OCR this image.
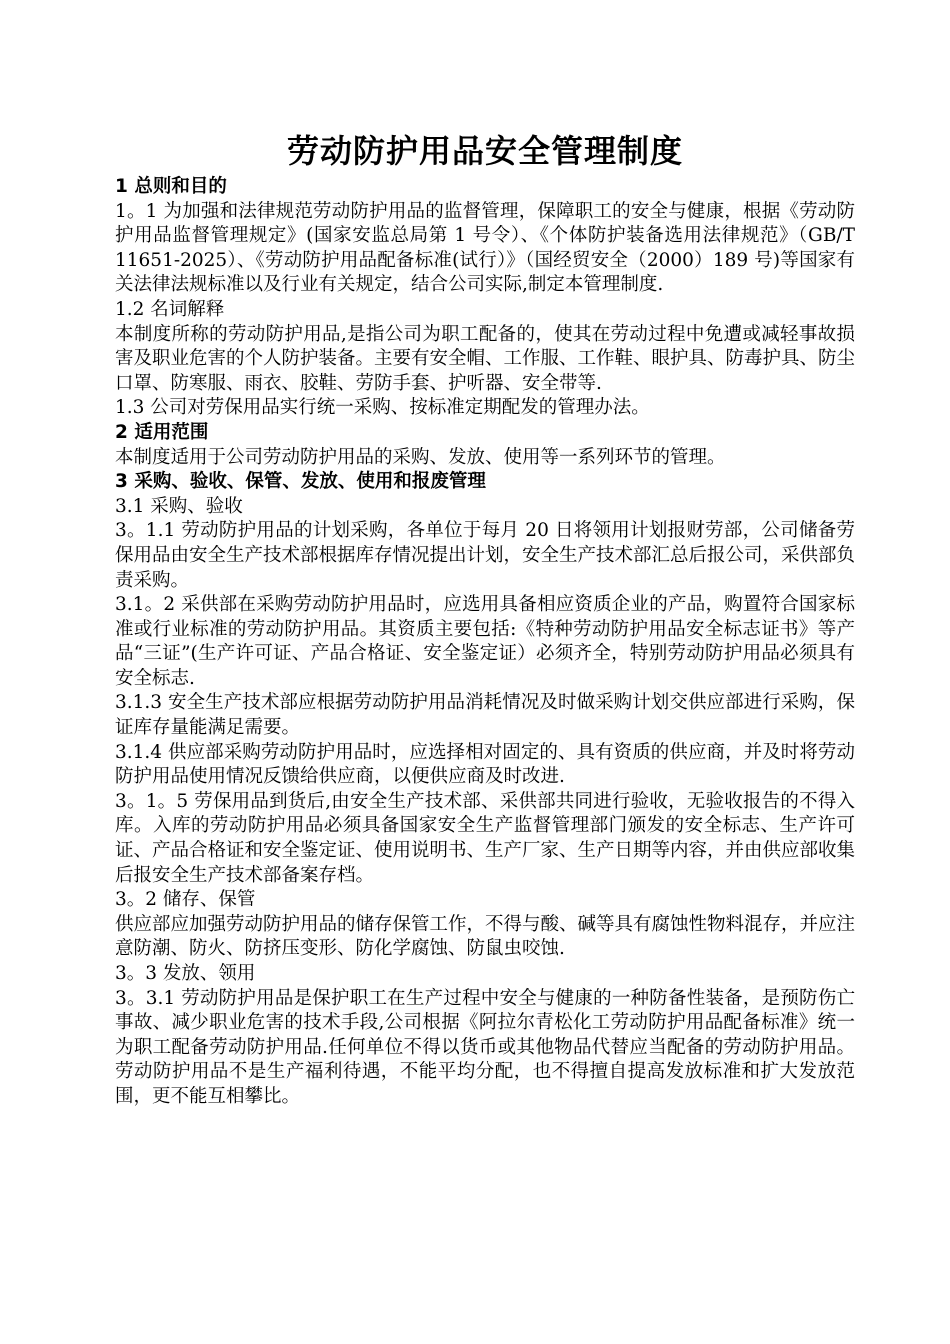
劳动防护用品安全管理制度
1 总则和目的
1。1 为加强和法律规范劳动防护用品的监督管理，保障职工的安全与健康，根据《劳动防护用品监督管理规定》(国家安监总局第 1 号令）、《个体防护装备选用法律规范》（GB/T 11651-2025）、《劳动防护用品配备标准(试行）》（国经贸安全（2000）189 号)等国家有关法律法规标准以及行业有关规定，结合公司实际,制定本管理制度.
1.2 名词解释
本制度所称的劳动防护用品,是指公司为职工配备的，使其在劳动过程中免遭或减轻事故损害及职业危害的个人防护装备。主要有安全帽、工作服、工作鞋、眼护具、防毒护具、防尘口罩、防寒服、雨衣、胶鞋、劳防手套、护听器、安全带等.
1.3 公司对劳保用品实行统一采购、按标准定期配发的管理办法。
2 适用范围
本制度适用于公司劳动防护用品的采购、发放、使用等一系列环节的管理。
3 采购、验收、保管、发放、使用和报废管理
3.1 采购、验收
3。1.1 劳动防护用品的计划采购，各单位于每月 20 日将领用计划报财劳部，公司储备劳保用品由安全生产技术部根据库存情况提出计划，安全生产技术部汇总后报公司，采供部负责采购。
3.1。2 采供部在采购劳动防护用品时，应选用具备相应资质企业的产品，购置符合国家标准或行业标准的劳动防护用品。其资质主要包括:《特种劳动防护用品安全标志证书》等产品“三证”(生产许可证、产品合格证、安全鉴定证）必须齐全，特别劳动防护用品必须具有安全标志.
3.1.3 安全生产技术部应根据劳动防护用品消耗情况及时做采购计划交供应部进行采购，保证库存量能满足需要。
3.1.4 供应部采购劳动防护用品时，应选择相对固定的、具有资质的供应商，并及时将劳动防护用品使用情况反馈给供应商，以便供应商及时改进.
3。1。5 劳保用品到货后,由安全生产技术部、采供部共同进行验收，无验收报告的不得入库。入库的劳动防护用品必须具备国家安全生产监督管理部门颁发的安全标志、生产许可证、产品合格证和安全鉴定证、使用说明书、生产厂家、生产日期等内容，并由供应部收集后报安全生产技术部备案存档。
3。2 储存、保管
供应部应加强劳动防护用品的储存保管工作，不得与酸、碱等具有腐蚀性物料混存，并应注意防潮、防火、防挤压变形、防化学腐蚀、防鼠虫咬蚀.
3。3 发放、领用
3。3.1 劳动防护用品是保护职工在生产过程中安全与健康的一种防备性装备，是预防伤亡事故、减少职业危害的技术手段,公司根据《阿拉尔青松化工劳动防护用品配备标准》统一为职工配备劳动防护用品.任何单位不得以货币或其他物品代替应当配备的劳动防护用品。劳动防护用品不是生产福利待遇，不能平均分配，也不得擅自提高发放标准和扩大发放范围，更不能互相攀比。
